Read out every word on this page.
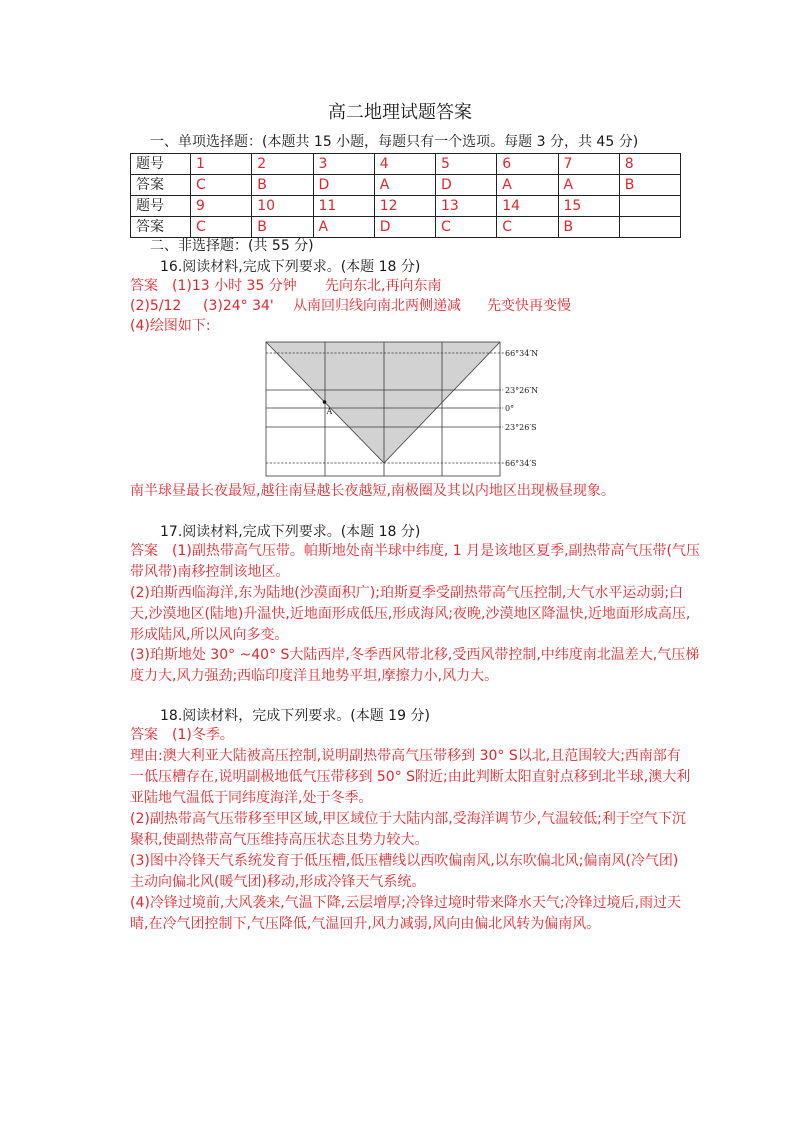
高二地理试题答案
一、单项选择题：(本题共 15 小题，每题只有一个选项。每题 3 分，共 45 分)
题号	1	2	3	4	5	6	7	8
答案	C	B	D	A	D	A	A	B
题号	9	10	11	12	13	14	15	
答案	C	B	A	D	C	C	B	
二、非选择题：(共 55 分)
16.阅读材料,完成下列要求。(本题 18 分)
答案 (1)13 小时 35 分钟 先向东北,再向东南
(2)5/12 (3)24° 34' 从南回归线向南北两侧递减 先变快再变慢
(4)绘图如下:
A
66°34′N
23°26′N
0°
23°26′S
66°34′S
南半球昼最长夜最短,越往南昼越长夜越短,南极圈及其以内地区出现极昼现象。
17.阅读材料,完成下列要求。(本题 18 分)
答案 (1)副热带高气压带。帕斯地处南半球中纬度, 1 月是该地区夏季,副热带高气压带(气压
带风带)南移控制该地区。
(2)珀斯西临海洋,东为陆地(沙漠面积广);珀斯夏季受副热带高气压控制,大气水平运动弱;白
天,沙漠地区(陆地)升温快,近地面形成低压,形成海风;夜晚,沙漠地区降温快,近地面形成高压,
形成陆风,所以风向多变。
(3)珀斯地处 30° ~40° S大陆西岸,冬季西风带北移,受西风带控制,中纬度南北温差大,气压梯
度力大,风力强劲;西临印度洋且地势平坦,摩擦力小,风力大。
18.阅读材料，完成下列要求。(本题 19 分)
答案 (1)冬季。
理由:澳大利亚大陆被高压控制,说明副热带高气压带移到 30° S以北,且范围较大;西南部有
一低压槽存在,说明副极地低气压带移到 50° S附近;由此判断太阳直射点移到北半球,澳大利
亚陆地气温低于同纬度海洋,处于冬季。
(2)副热带高气压带移至甲区域,甲区域位于大陆内部,受海洋调节少,气温较低;利于空气下沉
聚积,使副热带高气压维持高压状态且势力较大。
(3)图中冷锋天气系统发育于低压槽,低压槽线以西吹偏南风,以东吹偏北风;偏南风(冷气团)
主动向偏北风(暖气团)移动,形成冷锋天气系统。
(4)冷锋过境前,大风袭来,气温下降,云层增厚;冷锋过境时带来降水天气;冷锋过境后,雨过天
晴,在冷气团控制下,气压降低,气温回升,风力减弱,风向由偏北风转为偏南风。
